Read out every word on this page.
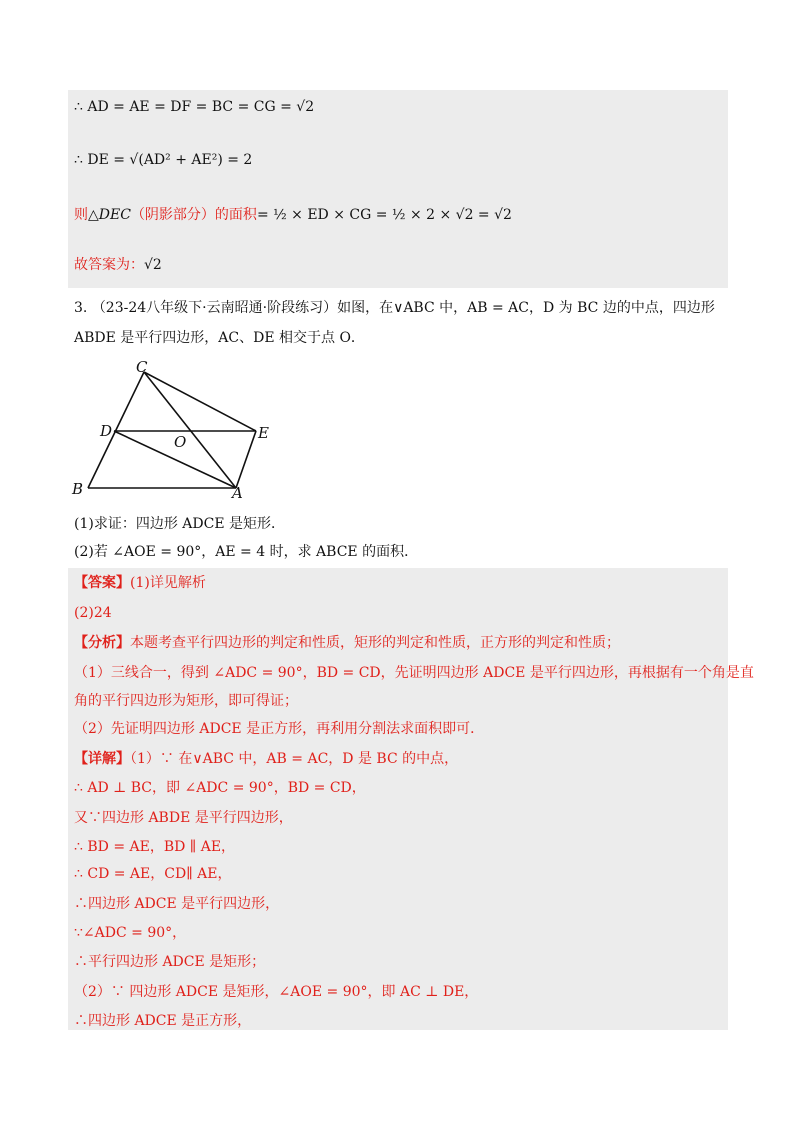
∴ AD = AE = DF = BC = CG = √2
∴ DE = √(AD² + AE²) = 2
则△DEC（阴影部分）的面积= ½ × ED × CG = ½ × 2 × √2 = √2
故答案为：√2
3. （23-24八年级下·云南昭通·阶段练习）如图，在∨ABC 中，AB = AC，D 为 BC 边的中点，四边形
ABDE 是平行四边形，AC、DE 相交于点 O．
C
D
O	E
B	A
(1)求证：四边形 ADCE 是矩形．
(2)若 ∠AOE = 90°，AE = 4 时，求 ABCE 的面积．
【答案】(1)详见解析
(2)24
【分析】本题考查平行四边形的判定和性质，矩形的判定和性质，正方形的判定和性质；
（1）三线合一，得到 ∠ADC = 90°，BD = CD，先证明四边形 ADCE 是平行四边形，再根据有一个角是直
角的平行四边形为矩形，即可得证；
（2）先证明四边形 ADCE 是正方形，再利用分割法求面积即可．
【详解】（1）∵ 在∨ABC 中，AB = AC，D 是 BC 的中点，
∴ AD ⊥ BC，即 ∠ADC = 90°，BD = CD，
又∵四边形 ABDE 是平行四边形，
∴ BD = AE，BD ∥ AE，
∴ CD = AE，CD∥ AE，
∴四边形 ADCE 是平行四边形，
∵∠ADC = 90°，
∴平行四边形 ADCE 是矩形；
（2）∵ 四边形 ADCE 是矩形，∠AOE = 90°，即 AC ⊥ DE，
∴四边形 ADCE 是正方形，
